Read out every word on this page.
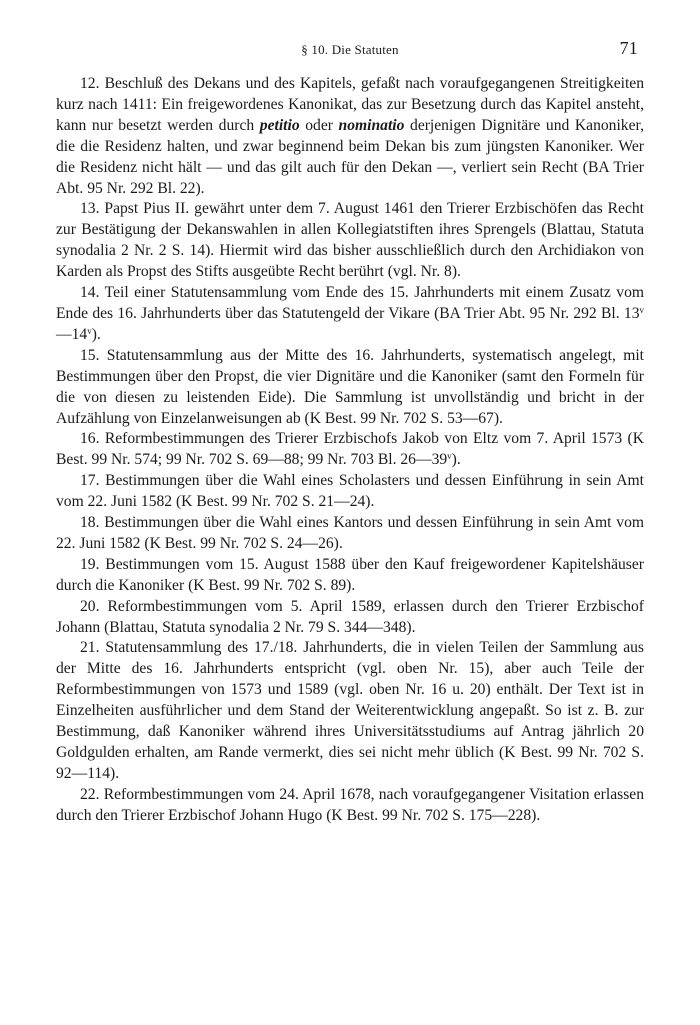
§ 10. Die Statuten	71

12. Beschluß des Dekans und des Kapitels, gefaßt nach voraufgegangenen Streitigkeiten kurz nach 1411: Ein freigewordenes Kanonikat, das zur Besetzung durch das Kapitel ansteht, kann nur besetzt werden durch petitio oder nominatio derjenigen Dignitäre und Kanoniker, die die Residenz halten, und zwar beginnend beim Dekan bis zum jüngsten Kanoniker. Wer die Residenz nicht hält — und das gilt auch für den Dekan —, verliert sein Recht (BA Trier Abt. 95 Nr. 292 Bl. 22).

13. Papst Pius II. gewährt unter dem 7. August 1461 den Trierer Erzbischöfen das Recht zur Bestätigung der Dekanswahlen in allen Kollegiatstiften ihres Sprengels (Blattau, Statuta synodalia 2 Nr. 2 S. 14). Hiermit wird das bisher ausschließlich durch den Archidiakon von Karden als Propst des Stifts ausgeübte Recht berührt (vgl. Nr. 8).

14. Teil einer Statutensammlung vom Ende des 15. Jahrhunderts mit einem Zusatz vom Ende des 16. Jahrhunderts über das Statutengeld der Vikare (BA Trier Abt. 95 Nr. 292 Bl. 13$^v$—14$^v$).

15. Statutensammlung aus der Mitte des 16. Jahrhunderts, systematisch angelegt, mit Bestimmungen über den Propst, die vier Dignitäre und die Kanoniker (samt den Formeln für die von diesen zu leistenden Eide). Die Sammlung ist unvollständig und bricht in der Aufzählung von Einzelanweisungen ab (K Best. 99 Nr. 702 S. 53—67).

16. Reformbestimmungen des Trierer Erzbischofs Jakob von Eltz vom 7. April 1573 (K Best. 99 Nr. 574; 99 Nr. 702 S. 69—88; 99 Nr. 703 Bl. 26—39$^v$).

17. Bestimmungen über die Wahl eines Scholasters und dessen Einführung in sein Amt vom 22. Juni 1582 (K Best. 99 Nr. 702 S. 21—24).

18. Bestimmungen über die Wahl eines Kantors und dessen Einführung in sein Amt vom 22. Juni 1582 (K Best. 99 Nr. 702 S. 24—26).

19. Bestimmungen vom 15. August 1588 über den Kauf freigewordener Kapitelshäuser durch die Kanoniker (K Best. 99 Nr. 702 S. 89).

20. Reformbestimmungen vom 5. April 1589, erlassen durch den Trierer Erzbischof Johann (Blattau, Statuta synodalia 2 Nr. 79 S. 344—348).

21. Statutensammlung des 17./18. Jahrhunderts, die in vielen Teilen der Sammlung aus der Mitte des 16. Jahrhunderts entspricht (vgl. oben Nr. 15), aber auch Teile der Reformbestimmungen von 1573 und 1589 (vgl. oben Nr. 16 u. 20) enthält. Der Text ist in Einzelheiten ausführlicher und dem Stand der Weiterentwicklung angepaßt. So ist z. B. zur Bestimmung, daß Kanoniker während ihres Universitätsstudiums auf Antrag jährlich 20 Goldgulden erhalten, am Rande vermerkt, dies sei nicht mehr üblich (K Best. 99 Nr. 702 S. 92—114).

22. Reformbestimmungen vom 24. April 1678, nach voraufgegangener Visitation erlassen durch den Trierer Erzbischof Johann Hugo (K Best. 99 Nr. 702 S. 175—228).
